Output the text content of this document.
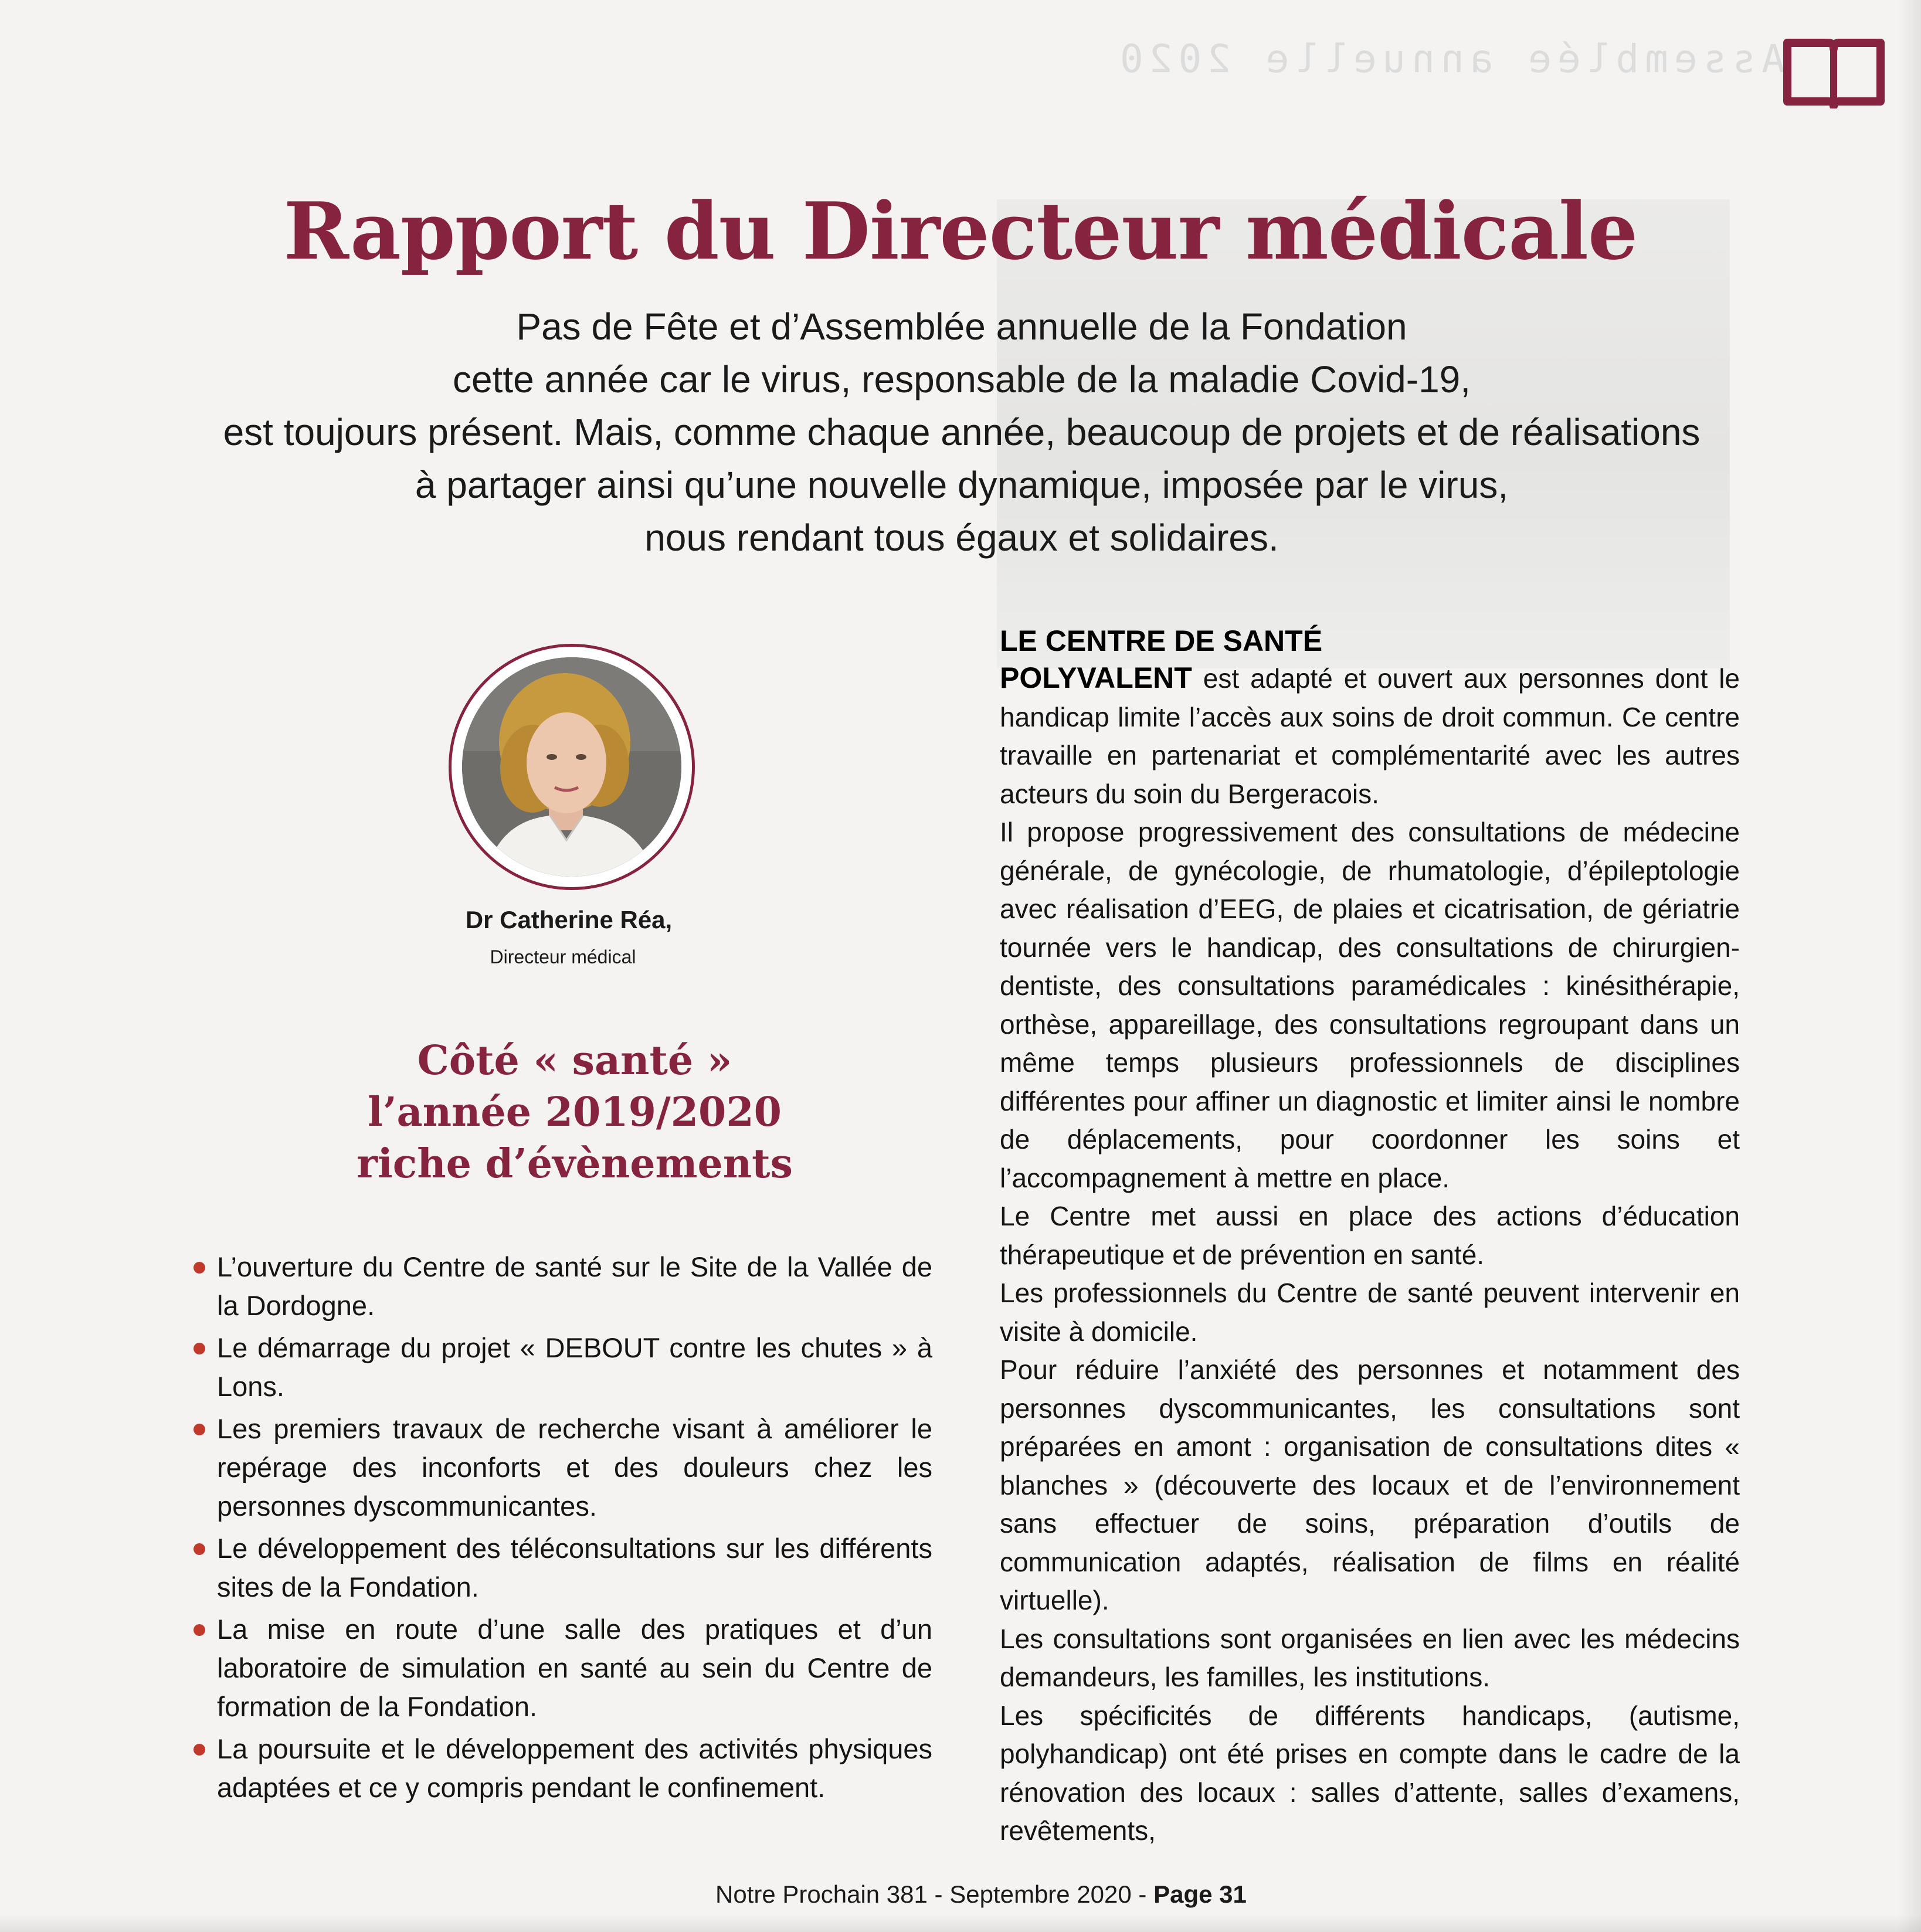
Assemblée annuelle 2020
Rapport du Directeur médicale

Pas de Fête et d’Assemblée annuelle de la Fondation
cette année car le virus, responsable de la maladie Covid-19,
est toujours présent. Mais, comme chaque année, beaucoup de projets et de réalisations
à partager ainsi qu’une nouvelle dynamique, imposée par le virus,
nous rendant tous égaux et solidaires.

Dr Catherine Réa,

Directeur médical

Côté « santé »
l’année 2019/2020
riche d’évènements
L’ouverture du Centre de santé sur le Site de la Vallée de la Dordogne.
Le démarrage du projet « DEBOUT contre les chutes » à Lons.
Les premiers travaux de recherche visant à améliorer le repérage des inconforts et des douleurs chez les personnes dyscommunicantes.
Le développement des téléconsultations sur les différents sites de la Fondation.
La mise en route d’une salle des pratiques et d’un laboratoire de simulation en santé au sein du Centre de formation de la Fondation.
La poursuite et le développement des activités physiques adaptées et ce y compris pendant le confinement.
LE CENTRE DE SANTÉ

POLYVALENT est adapté et ouvert aux personnes dont le handicap limite l’accès aux soins de droit commun. Ce centre travaille en partenariat et complémentarité avec les autres acteurs du soin du Bergeracois.

Il propose progressivement des consultations de médecine générale, de gynécologie, de rhumatologie, d’épileptologie avec réalisation d’EEG, de plaies et cicatrisation, de gériatrie tournée vers le handicap, des consultations de chirurgien-dentiste, des consultations paramédicales : kinésithérapie, orthèse, appareillage, des consultations regroupant dans un même temps plusieurs professionnels de disciplines différentes pour affiner un diagnostic et limiter ainsi le nombre de déplacements, pour coordonner les soins et l’accompagnement à mettre en place.

Le Centre met aussi en place des actions d’éducation thérapeutique et de prévention en santé.

Les professionnels du Centre de santé peuvent intervenir en visite à domicile.

Pour réduire l’anxiété des personnes et notamment des personnes dyscommunicantes, les consultations sont préparées en amont : organisation de consultations dites « blanches » (découverte des locaux et de l’environnement sans effectuer de soins, préparation d’outils de communication adaptés, réalisation de films en réalité virtuelle).

Les consultations sont organisées en lien avec les médecins demandeurs, les familles, les institutions.

Les spécificités de différents handicaps, (autisme, polyhandicap) ont été prises en compte dans le cadre de la rénovation des locaux : salles d’attente, salles d’examens, revêtements,

Notre Prochain 381 - Septembre 2020 - Page 31
